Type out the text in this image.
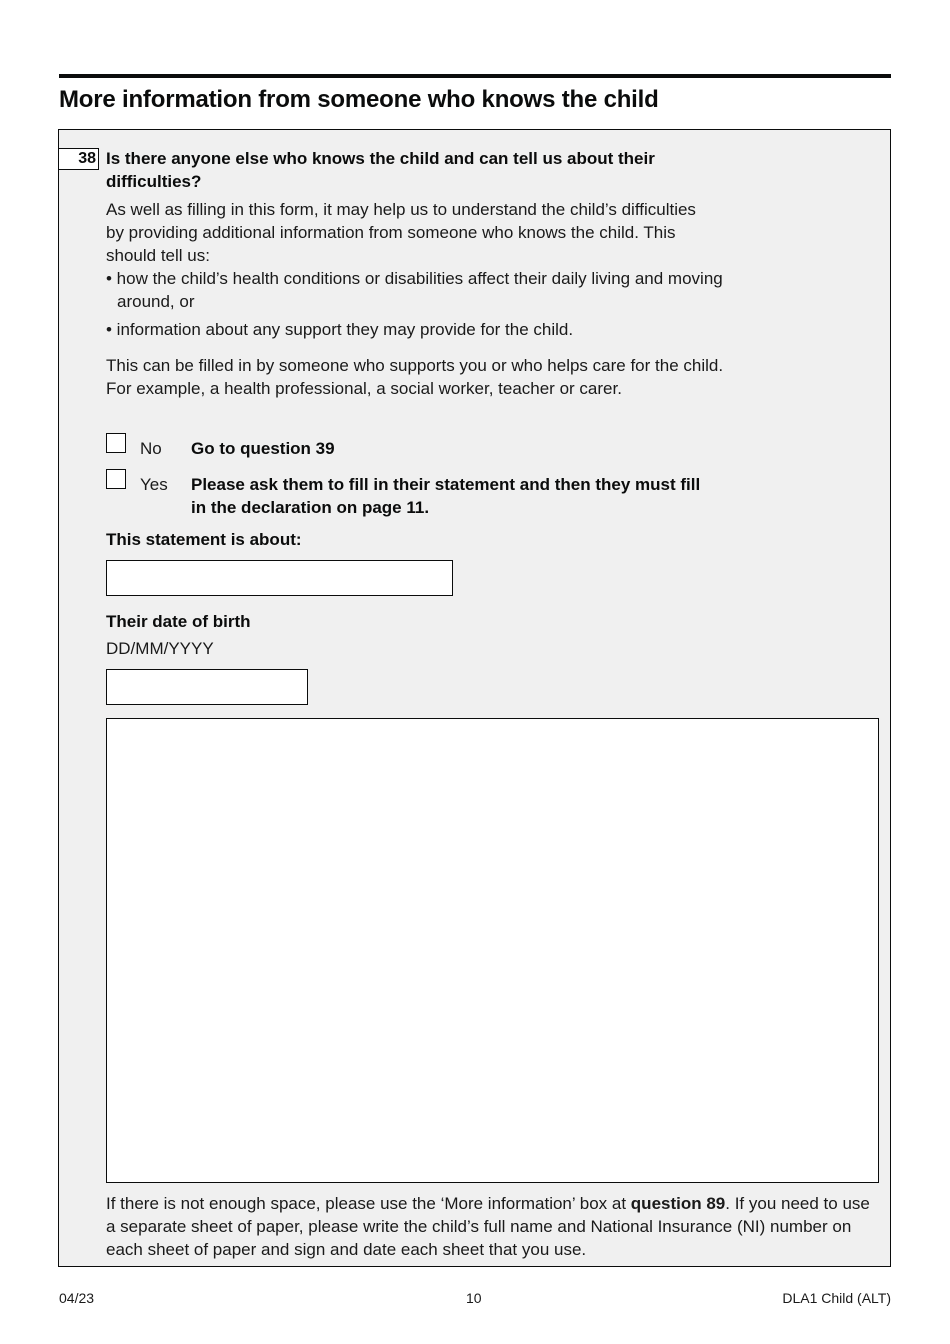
More information from someone who knows the child
38 Is there anyone else who knows the child and can tell us about their difficulties?
As well as filling in this form, it may help us to understand the child’s difficulties by providing additional information from someone who knows the child. This should tell us:
• how the child’s health conditions or disabilities affect their daily living and moving around, or
• information about any support they may provide for the child.
This can be filled in by someone who supports you or who helps care for the child. For example, a health professional, a social worker, teacher or carer.
No Go to question 39
Yes Please ask them to fill in their statement and then they must fill in the declaration on page 11.
This statement is about:
Their date of birth
DD/MM/YYYY
If there is not enough space, please use the ‘More information’ box at question 89. If you need to use a separate sheet of paper, please write the child’s full name and National Insurance (NI) number on each sheet of paper and sign and date each sheet that you use.
04/23	10	DLA1 Child (ALT)
